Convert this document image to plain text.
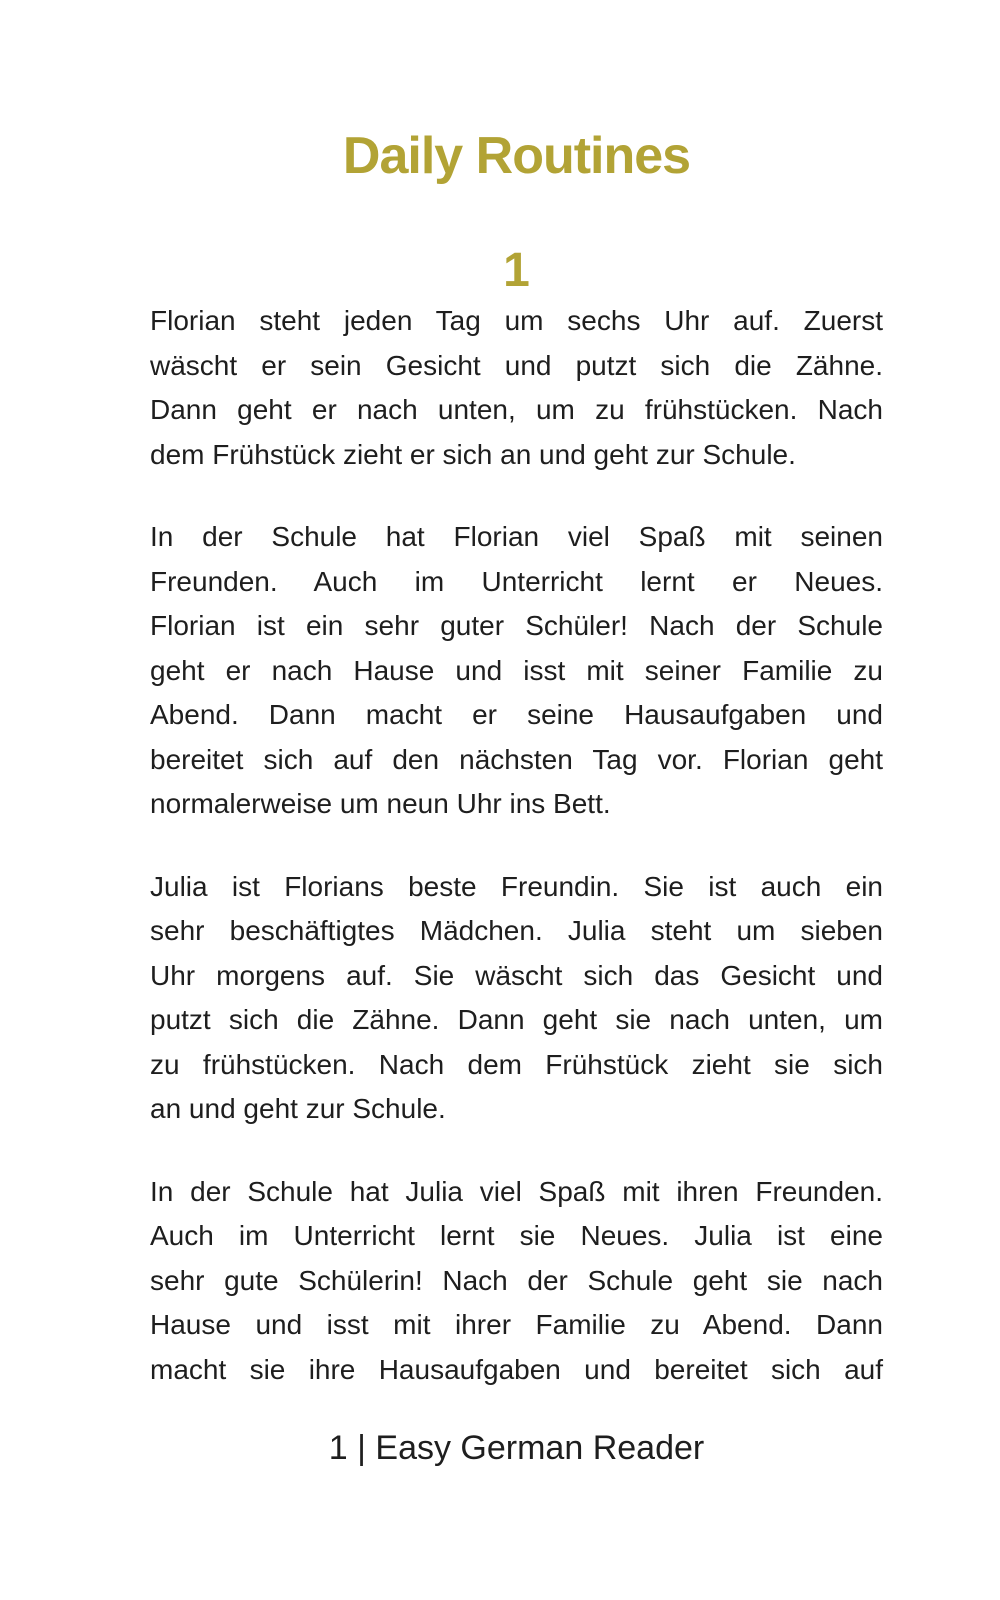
Daily Routines
1
Florian steht jeden Tag um sechs Uhr auf. Zuerst
wäscht er sein Gesicht und putzt sich die Zähne.
Dann geht er nach unten, um zu frühstücken. Nach
dem Frühstück zieht er sich an und geht zur Schule.
In der Schule hat Florian viel Spaß mit seinen
Freunden. Auch im Unterricht lernt er Neues.
Florian ist ein sehr guter Schüler! Nach der Schule
geht er nach Hause und isst mit seiner Familie zu
Abend. Dann macht er seine Hausaufgaben und
bereitet sich auf den nächsten Tag vor. Florian geht
normalerweise um neun Uhr ins Bett.
Julia ist Florians beste Freundin. Sie ist auch ein
sehr beschäftigtes Mädchen. Julia steht um sieben
Uhr morgens auf. Sie wäscht sich das Gesicht und
putzt sich die Zähne. Dann geht sie nach unten, um
zu frühstücken. Nach dem Frühstück zieht sie sich
an und geht zur Schule.
In der Schule hat Julia viel Spaß mit ihren Freunden.
Auch im Unterricht lernt sie Neues. Julia ist eine
sehr gute Schülerin! Nach der Schule geht sie nach
Hause und isst mit ihrer Familie zu Abend. Dann
macht sie ihre Hausaufgaben und bereitet sich auf
1 | Easy German Reader
